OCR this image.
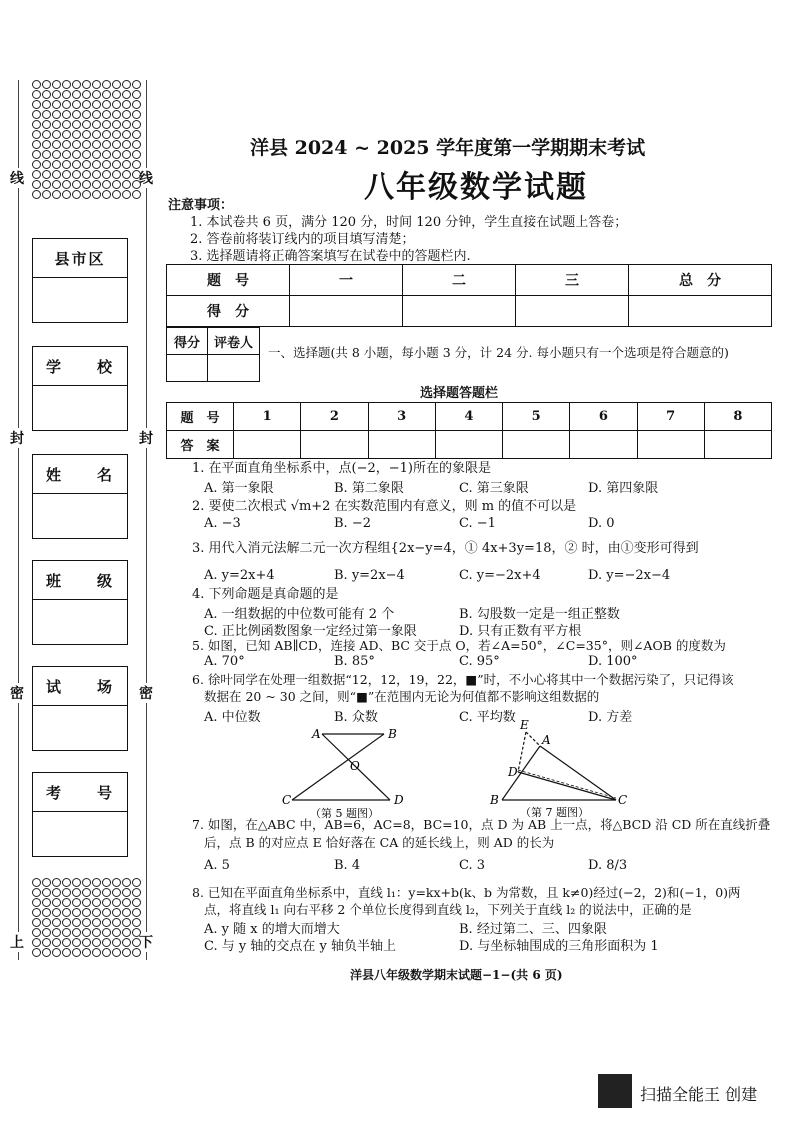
线
封
密
上
线
封
密
下
县市区
学　　校
姓　　名
班　　级
试　　场
考　　号
洋县 2024 ~ 2025 学年度第一学期期末考试
八年级数学试题
注意事项：
1. 本试卷共 6 页，满分 120 分，时间 120 分钟，学生直接在试题上答卷；
2. 答卷前将装订线内的项目填写清楚；
3. 选择题请将正确答案填写在试卷中的答题栏内.
题　号	一	二	三	总　分
得　分				
得分	评卷人

一、选择题(共 8 小题，每小题 3 分，计 24 分. 每小题只有一个选项是符合题意的)
选择题答题栏
题　号	1	2	3	4	5	6	7	8
答　案								
1. 在平面直角坐标系中，点(−2，−1)所在的象限是
A. 第一象限	B. 第二象限	C. 第三象限	D. 第四象限
2. 要使二次根式 √m+2 在实数范围内有意义，则 m 的值不可以是
A. −3	B. −2	C. −1	D. 0
3. 用代入消元法解二元一次方程组{2x−y=4，① 4x+3y=18，② 时，由①变形可得到
A. y=2x+4	B. y=2x−4	C. y=−2x+4	D. y=−2x−4
4. 下列命题是真命题的是
A. 一组数据的中位数可能有 2 个	B. 勾股数一定是一组正整数
C. 正比例函数图象一定经过第一象限	D. 只有正数有平方根
5. 如图，已知 AB∥CD，连接 AD、BC 交于点 O，若∠A=50°，∠C=35°，则∠AOB 的度数为
A. 70°	B. 85°	C. 95°	D. 100°
6. 徐叶同学在处理一组数据“12，12，19，22，■”时，不小心将其中一个数据污染了，只记得该
数据在 20 ~ 30 之间，则“■”在范围内无论为何值都不影响这组数据的
A. 中位数	B. 众数	C. 平均数	D. 方差
A	B
O
C	D
（第 5 题图）
E
A
D
B	C
（第 7 题图）
7. 如图，在△ABC 中，AB=6，AC=8，BC=10，点 D 为 AB 上一点，将△BCD 沿 CD 所在直线折叠
后，点 B 的对应点 E 恰好落在 CA 的延长线上，则 AD 的长为
A. 5	B. 4	C. 3	D. 8/3
8. 已知在平面直角坐标系中，直线 l₁：y=kx+b(k、b 为常数，且 k≠0)经过(−2，2)和(−1，0)两
点，将直线 l₁ 向右平移 2 个单位长度得到直线 l₂，下列关于直线 l₂ 的说法中，正确的是
A. y 随 x 的增大而增大	B. 经过第二、三、四象限
C. 与 y 轴的交点在 y 轴负半轴上	D. 与坐标轴围成的三角形面积为 1
洋县八年级数学期末试题−1−(共 6 页)
扫描全能王 创建
